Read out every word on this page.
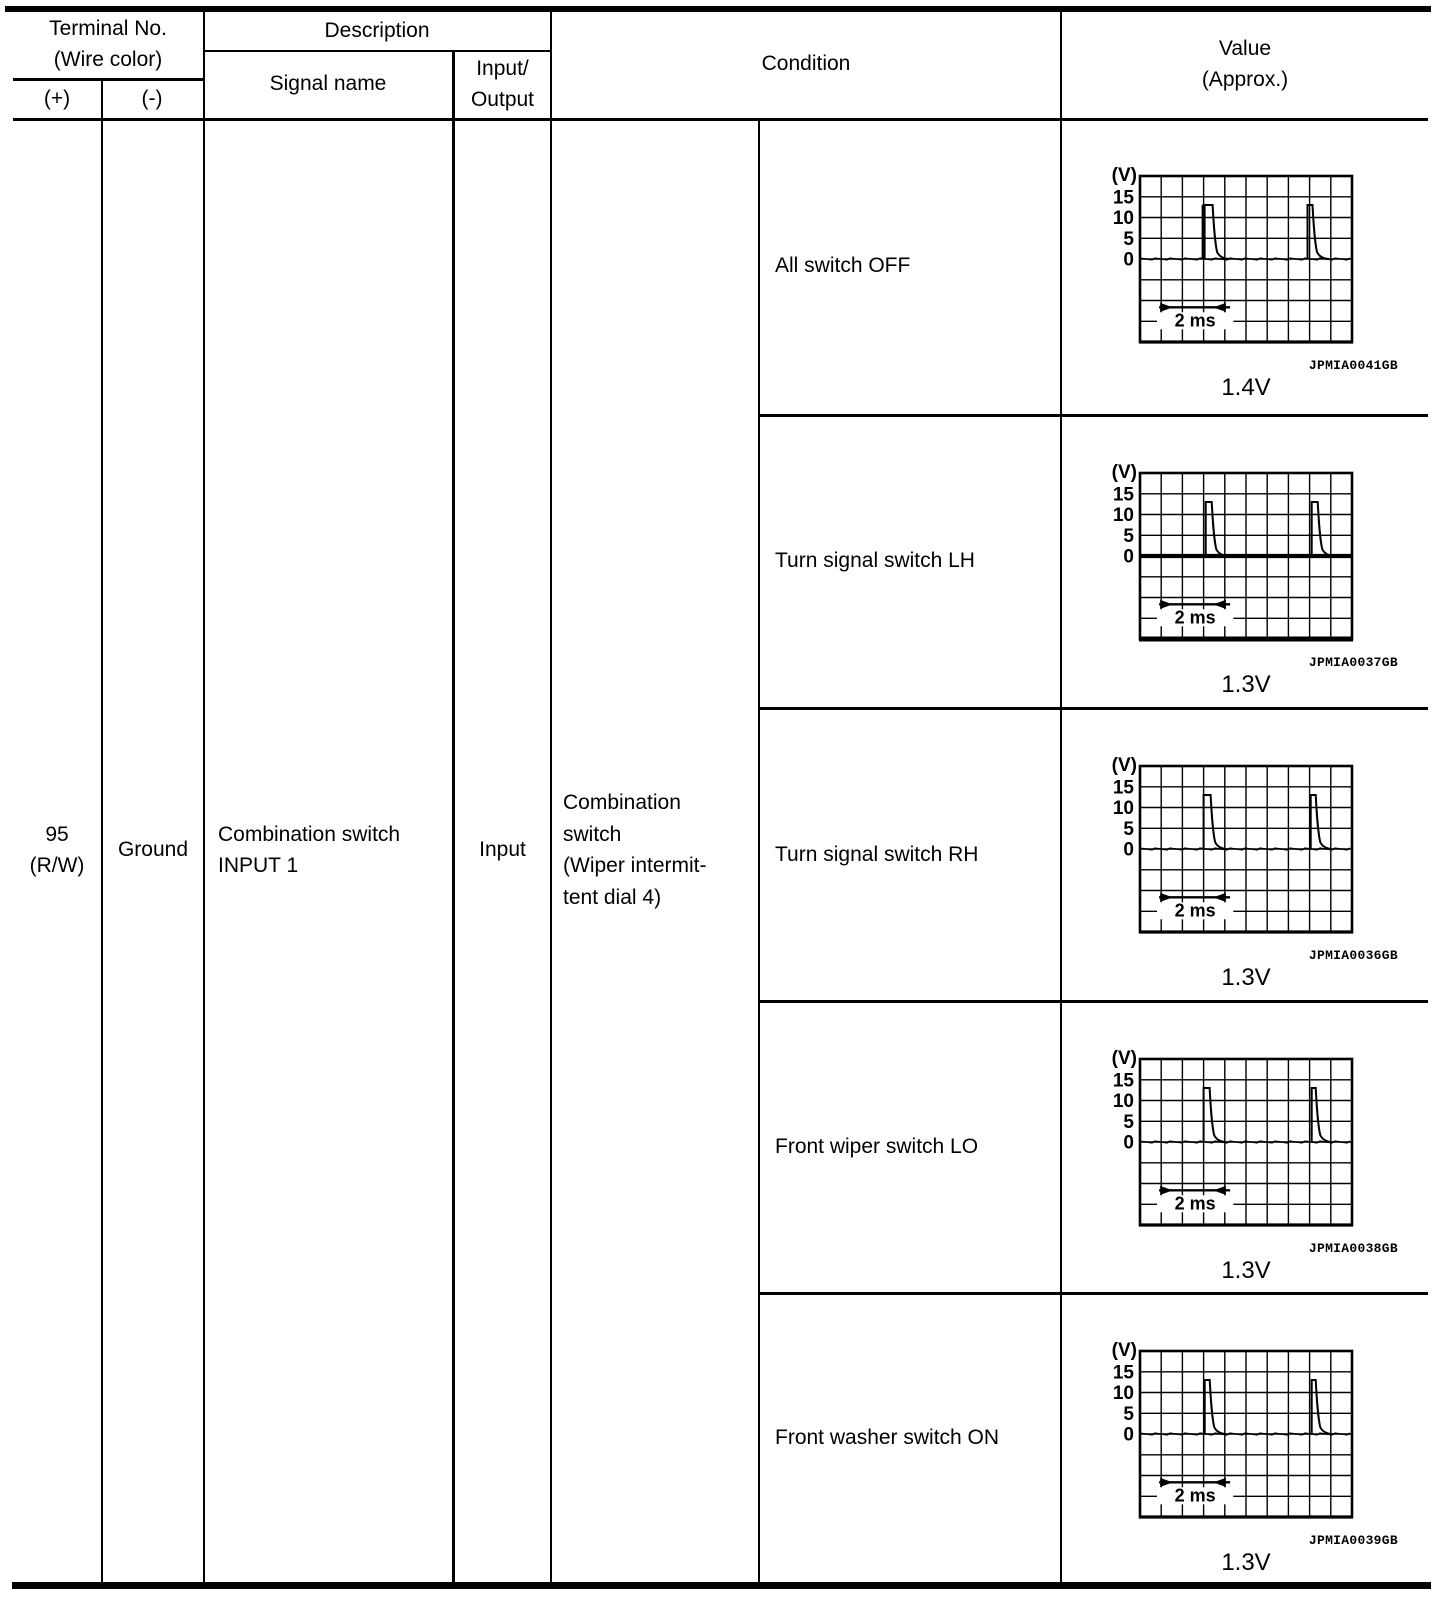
Terminal No.
(Wire color)
(+)	(-)
Description
Signal name
Input/
Output
Condition
Value
(Approx.)
95
(R/W)
Ground
Combination switch
INPUT 1
Input
Combination
switch
(Wiper intermit-
tent dial 4)
All switch OFF
(V)
15
10
5
0
2 ms
JPMIA0041GB
1.4V
Turn signal switch LH
(V)
15
10
5
0
2 ms
JPMIA0037GB
1.3V
Turn signal switch RH
(V)
15
10
5
0
2 ms
JPMIA0036GB
1.3V
Front wiper switch LO
(V)
15
10
5
0
2 ms
JPMIA0038GB
1.3V
Front washer switch ON
(V)
15
10
5
0
2 ms
JPMIA0039GB
1.3V
